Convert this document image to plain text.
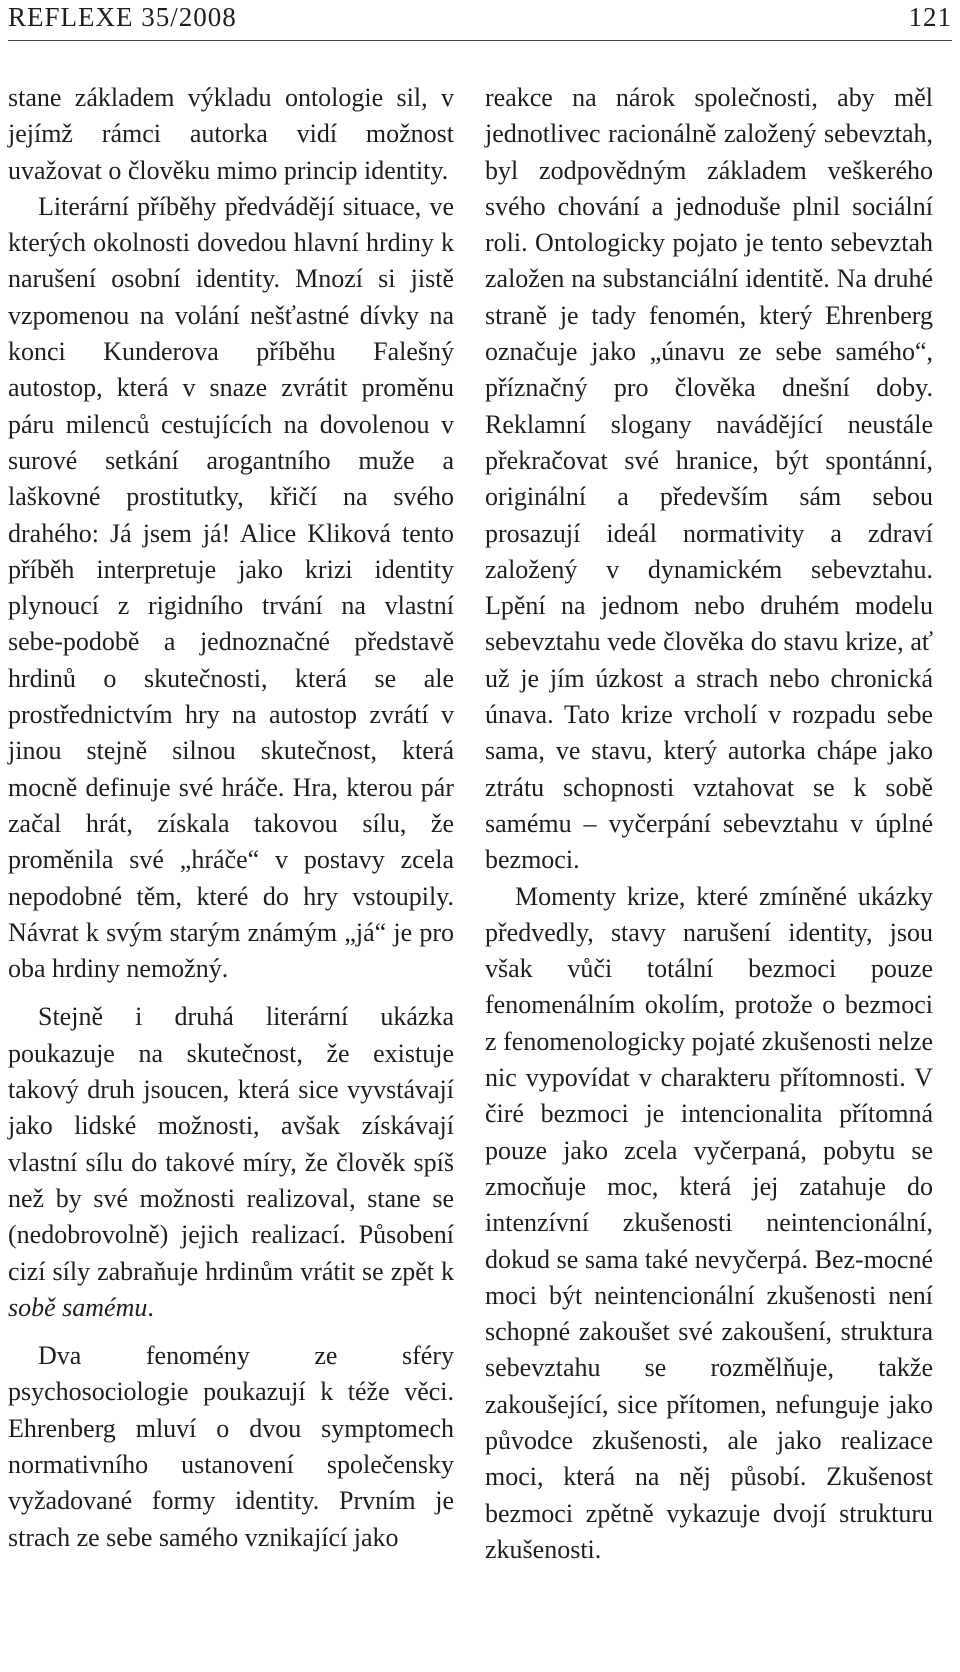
REFLEXE 35/2008	121

stane základem výkladu ontologie sil, v jejímž rámci autorka vidí možnost uvažovat o člověku mimo princip identity.

Literární příběhy předvádějí situace, ve kterých okolnosti dovedou hlavní hrdiny k narušení osobní identity. Mnozí si jistě vzpomenou na volání nešťastné dívky na konci Kunderova příběhu Falešný autostop, která v snaze zvrátit proměnu páru milenců cestujících na dovolenou v surové setkání arogantního muže a laškovné prostitutky, křičí na svého drahého: Já jsem já! Alice Kliková tento příběh interpretuje jako krizi identity plynoucí z rigidního trvání na vlastní sebe-podobě a jednoznačné představě hrdinů o skutečnosti, která se ale prostřednictvím hry na autostop zvrátí v jinou stejně silnou skutečnost, která mocně definuje své hráče. Hra, kterou pár začal hrát, získala takovou sílu, že proměnila své „hráče“ v postavy zcela nepodobné těm, které do hry vstoupily. Návrat k svým starým známým „já“ je pro oba hrdiny nemožný.

Stejně i druhá literární ukázka poukazuje na skutečnost, že existuje takový druh jsoucen, která sice vyvstávají jako lidské možnosti, avšak získávají vlastní sílu do takové míry, že člověk spíš než by své možnosti realizoval, stane se (nedobrovolně) jejich realizací. Působení cizí síly zabraňuje hrdinům vrátit se zpět k sobě samému.

Dva fenomény ze sféry psychosociologie poukazují k téže věci. Ehrenberg mluví o dvou symptomech normativního ustanovení společensky vyžadované formy identity. Prvním je strach ze sebe samého vznikající jako

reakce na nárok společnosti, aby měl jednotlivec racionálně založený sebevztah, byl zodpovědným základem veškerého svého chování a jednoduše plnil sociální roli. Ontologicky pojato je tento sebevztah založen na substanciální identitě. Na druhé straně je tady fenomén, který Ehrenberg označuje jako „únavu ze sebe samého“, příznačný pro člověka dnešní doby. Reklamní slogany navádějící neustále překračovat své hranice, být spontánní, originální a především sám sebou prosazují ideál normativity a zdraví založený v dynamickém sebevztahu. Lpění na jednom nebo druhém modelu sebevztahu vede člověka do stavu krize, ať už je jím úzkost a strach nebo chronická únava. Tato krize vrcholí v rozpadu sebe sama, ve stavu, který autorka chápe jako ztrátu schopnosti vztahovat se k sobě samému – vyčerpání sebevztahu v úplné bezmoci.

Momenty krize, které zmíněné ukázky předvedly, stavy narušení identity, jsou však vůči totální bezmoci pouze fenomenálním okolím, protože o bezmoci z fenomenologicky pojaté zkušenosti nelze nic vypovídat v charakteru přítomnosti. V čiré bezmoci je intencionalita přítomná pouze jako zcela vyčerpaná, pobytu se zmocňuje moc, která jej zatahuje do intenzívní zkušenosti neintencionální, dokud se sama také nevyčerpá. Bez-mocné moci být neintencionální zkušenosti není schopné zakoušet své zakoušení, struktura sebevztahu se rozmělňuje, takže zakoušející, sice přítomen, nefunguje jako původce zkušenosti, ale jako realizace moci, která na něj působí. Zkušenost bezmoci zpětně vykazuje dvojí strukturu zkušenosti.
